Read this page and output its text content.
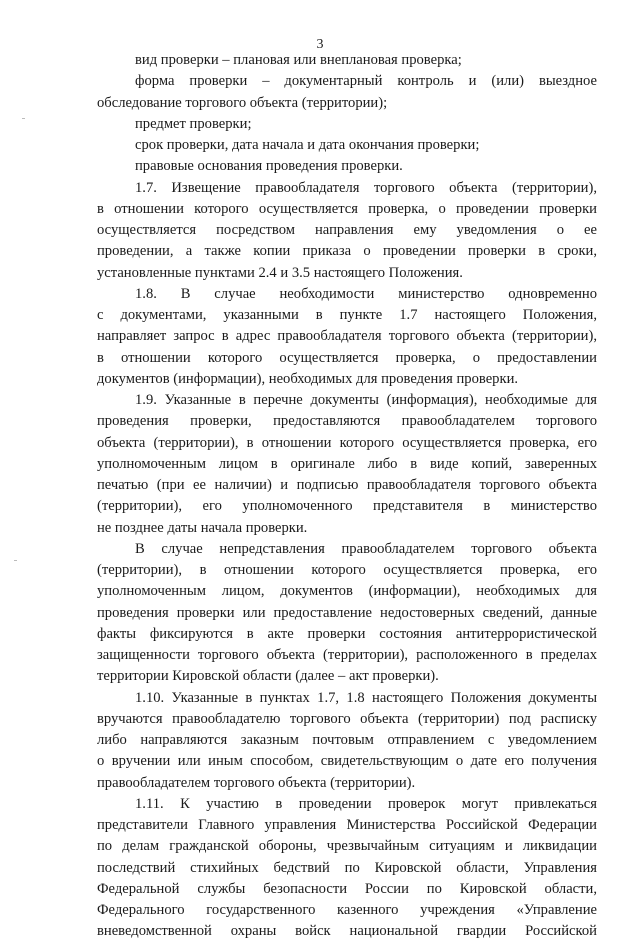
3
вид проверки – плановая или внеплановая проверка;
форма проверки – документарный контроль и (или) выездное
обследование торгового объекта (территории);
предмет проверки;
срок проверки, дата начала и дата окончания проверки;
правовые основания проведения проверки.
1.7. Извещение правообладателя торгового объекта (территории),
в отношении которого осуществляется проверка, о проведении проверки
осуществляется посредством направления ему уведомления о ее
проведении, а также копии приказа о проведении проверки в сроки,
установленные пунктами 2.4 и 3.5 настоящего Положения.
1.8. В случае необходимости министерство одновременно
с документами, указанными в пункте 1.7 настоящего Положения,
направляет запрос в адрес правообладателя торгового объекта (территории),
в отношении которого осуществляется проверка, о предоставлении
документов (информации), необходимых для проведения проверки.
1.9. Указанные в перечне документы (информация), необходимые для
проведения проверки, предоставляются правообладателем торгового
объекта (территории), в отношении которого осуществляется проверка, его
уполномоченным лицом в оригинале либо в виде копий, заверенных
печатью (при ее наличии) и подписью правообладателя торгового объекта
(территории), его уполномоченного представителя в министерство
не позднее даты начала проверки.
В случае непредставления правообладателем торгового объекта
(территории), в отношении которого осуществляется проверка, его
уполномоченным лицом, документов (информации), необходимых для
проведения проверки или предоставление недостоверных сведений, данные
факты фиксируются в акте проверки состояния антитеррористической
защищенности торгового объекта (территории), расположенного в пределах
территории Кировской области (далее – акт проверки).
1.10. Указанные в пунктах 1.7, 1.8 настоящего Положения документы
вручаются правообладателю торгового объекта (территории) под расписку
либо направляются заказным почтовым отправлением с уведомлением
о вручении или иным способом, свидетельствующим о дате его получения
правообладателем торгового объекта (территории).
1.11. К участию в проведении проверок могут привлекаться
представители Главного управления Министерства Российской Федерации
по делам гражданской обороны, чрезвычайным ситуациям и ликвидации
последствий стихийных бедствий по Кировской области, Управления
Федеральной службы безопасности России по Кировской области,
Федерального государственного казенного учреждения «Управление
вневедомственной охраны войск национальной гвардии Российской
